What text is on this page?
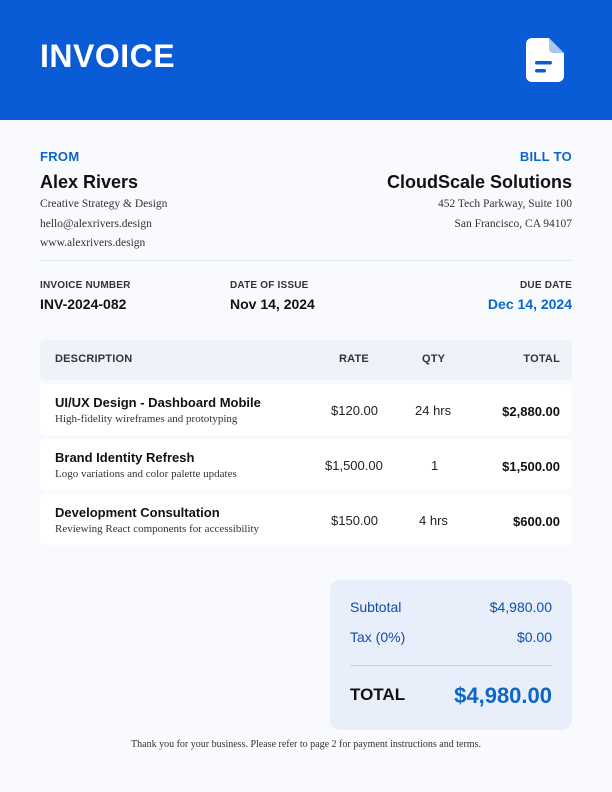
INVOICE
FROM	BILL TO
Alex Rivers	CloudScale Solutions
Creative Strategy & Design
hello@alexrivers.design
www.alexrivers.design
452 Tech Parkway, Suite 100
San Francisco, CA 94107
INVOICE NUMBER
INV-2024-082
DATE OF ISSUE
Nov 14, 2024
DUE DATE
Dec 14, 2024
DESCRIPTION	RATE	QTY	TOTAL
UI/UX Design - Dashboard Mobile
High-fidelity wireframes and prototyping
$120.00	24 hrs	$2,880.00
Brand Identity Refresh
Logo variations and color palette updates
$1,500.00	1	$1,500.00
Development Consultation
Reviewing React components for accessibility
$150.00	4 hrs	$600.00
Subtotal	$4,980.00
Tax (0%)	$0.00
TOTAL $4,980.00
Thank you for your business. Please refer to page 2 for payment instructions and terms.
